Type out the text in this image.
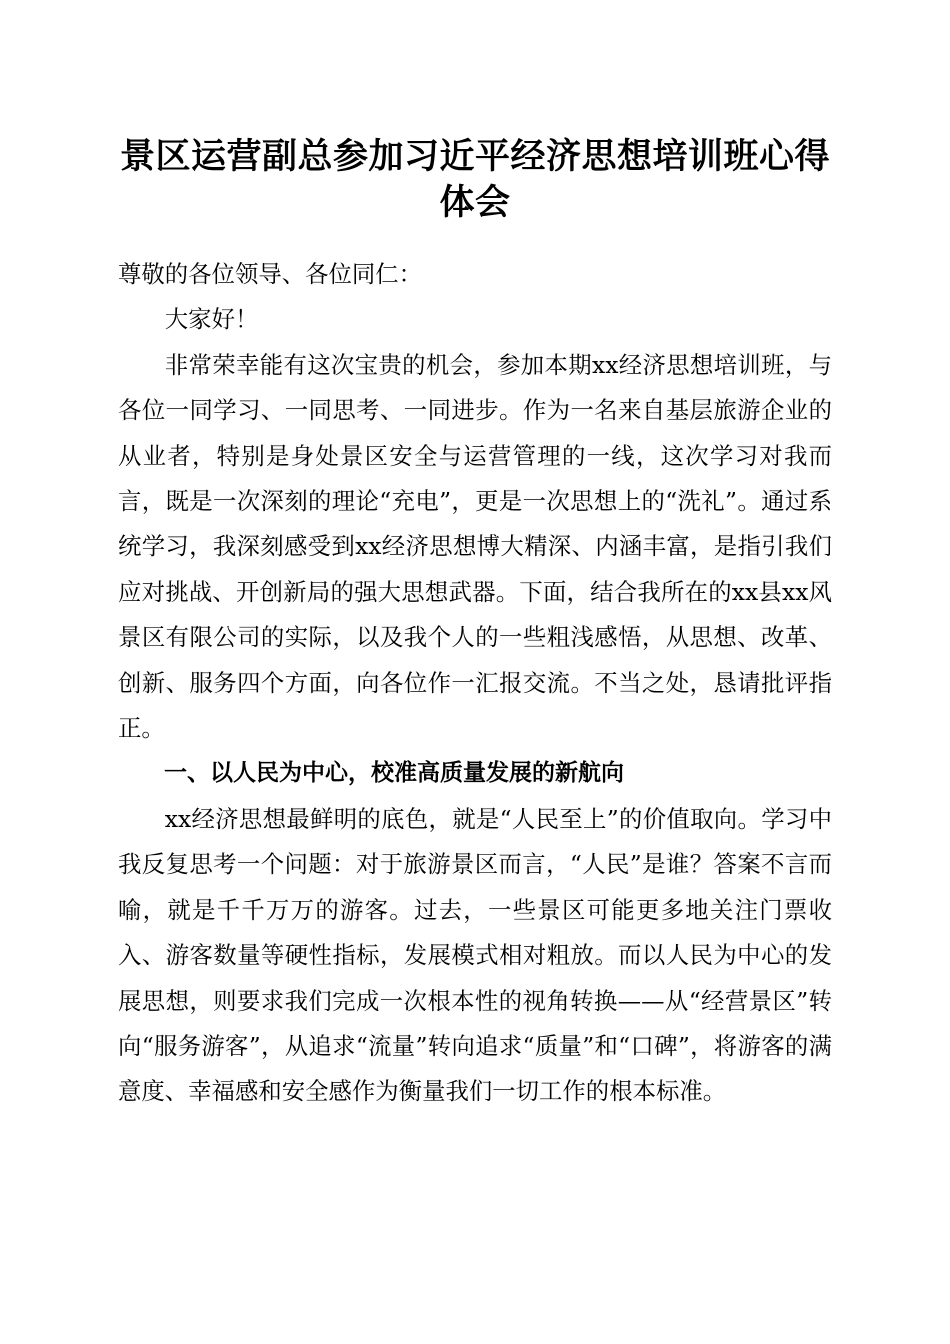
景区运营副总参加习近平经济思想培训班心得体会

尊敬的各位领导、各位同仁：

大家好！

非常荣幸能有这次宝贵的机会，参加本期xx经济思想培训班，与各位一同学习、一同思考、一同进步。作为一名来自基层旅游企业的从业者，特别是身处景区安全与运营管理的一线，这次学习对我而言，既是一次深刻的理论“充电”，更是一次思想上的“洗礼”。通过系统学习，我深刻感受到xx经济思想博大精深、内涵丰富，是指引我们应对挑战、开创新局的强大思想武器。下面，结合我所在的xx县xx风景区有限公司的实际，以及我个人的一些粗浅感悟，从思想、改革、创新、服务四个方面，向各位作一汇报交流。不当之处，恳请批评指正。

一、以人民为中心，校准高质量发展的新航向

xx经济思想最鲜明的底色，就是“人民至上”的价值取向。学习中我反复思考一个问题：对于旅游景区而言，“人民”是谁？答案不言而喻，就是千千万万的游客。过去，一些景区可能更多地关注门票收入、游客数量等硬性指标，发展模式相对粗放。而以人民为中心的发展思想，则要求我们完成一次根本性的视角转换——从“经营景区”转向“服务游客”，从追求“流量”转向追求“质量”和“口碑”，将游客的满意度、幸福感和安全感作为衡量我们一切工作的根本标准。
